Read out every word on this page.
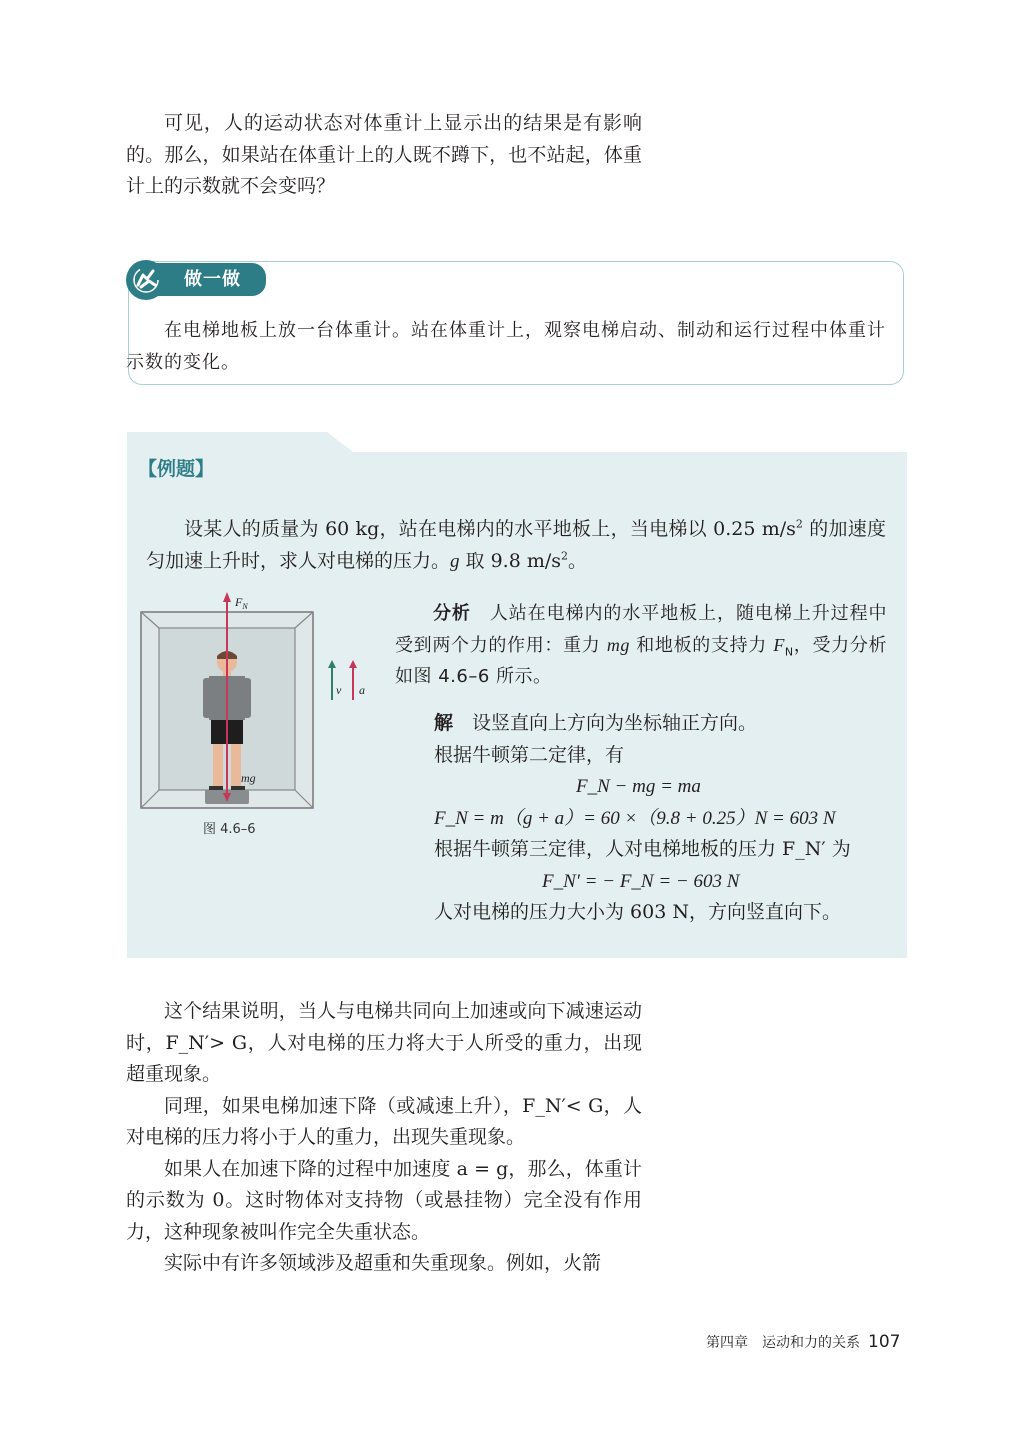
可见，人的运动状态对体重计上显示出的结果是有影响的。那么，如果站在体重计上的人既不蹲下，也不站起，体重计上的示数就不会变吗？

做一做

在电梯地板上放一台体重计。站在体重计上，观察电梯启动、制动和运行过程中体重计示数的变化。

【例题】

设某人的质量为 60 kg，站在电梯内的水平地板上，当电梯以 0.25 $m/s^2$ 的加速度匀加速上升时，求人对电梯的压力。g 取 9.8 $m/s^2$。

$F_N$
mg
v a
图 4.6–6

分析　 人站在电梯内的水平地板上，随电梯上升过程中受到两个力的作用：重力 mg 和地板的支持力 $F_N$，受力分析如图 4.6–6 所示。

解　 设竖直向上方向为坐标轴正方向。
根据牛顿第二定律，有
F_N − mg = ma
F_N = m（g + a）= 60 ×（9.8 + 0.25）N = 603 N
根据牛顿第三定律，人对电梯地板的压力 F_N′ 为
F_N′ = − F_N = − 603 N
人对电梯的压力大小为 603 N，方向竖直向下。

这个结果说明，当人与电梯共同向上加速或向下减速运动时，F_N′> G，人对电梯的压力将大于人所受的重力，出现超重现象。

同理，如果电梯加速下降（或减速上升），F_N′< G，人对电梯的压力将小于人的重力，出现失重现象。

如果人在加速下降的过程中加速度 a = g，那么，体重计的示数为 0。这时物体对支持物（或悬挂物）完全没有作用力，这种现象被叫作完全失重状态。

实际中有许多领域涉及超重和失重现象。例如，火箭

第四章　运动和力的关系 107
